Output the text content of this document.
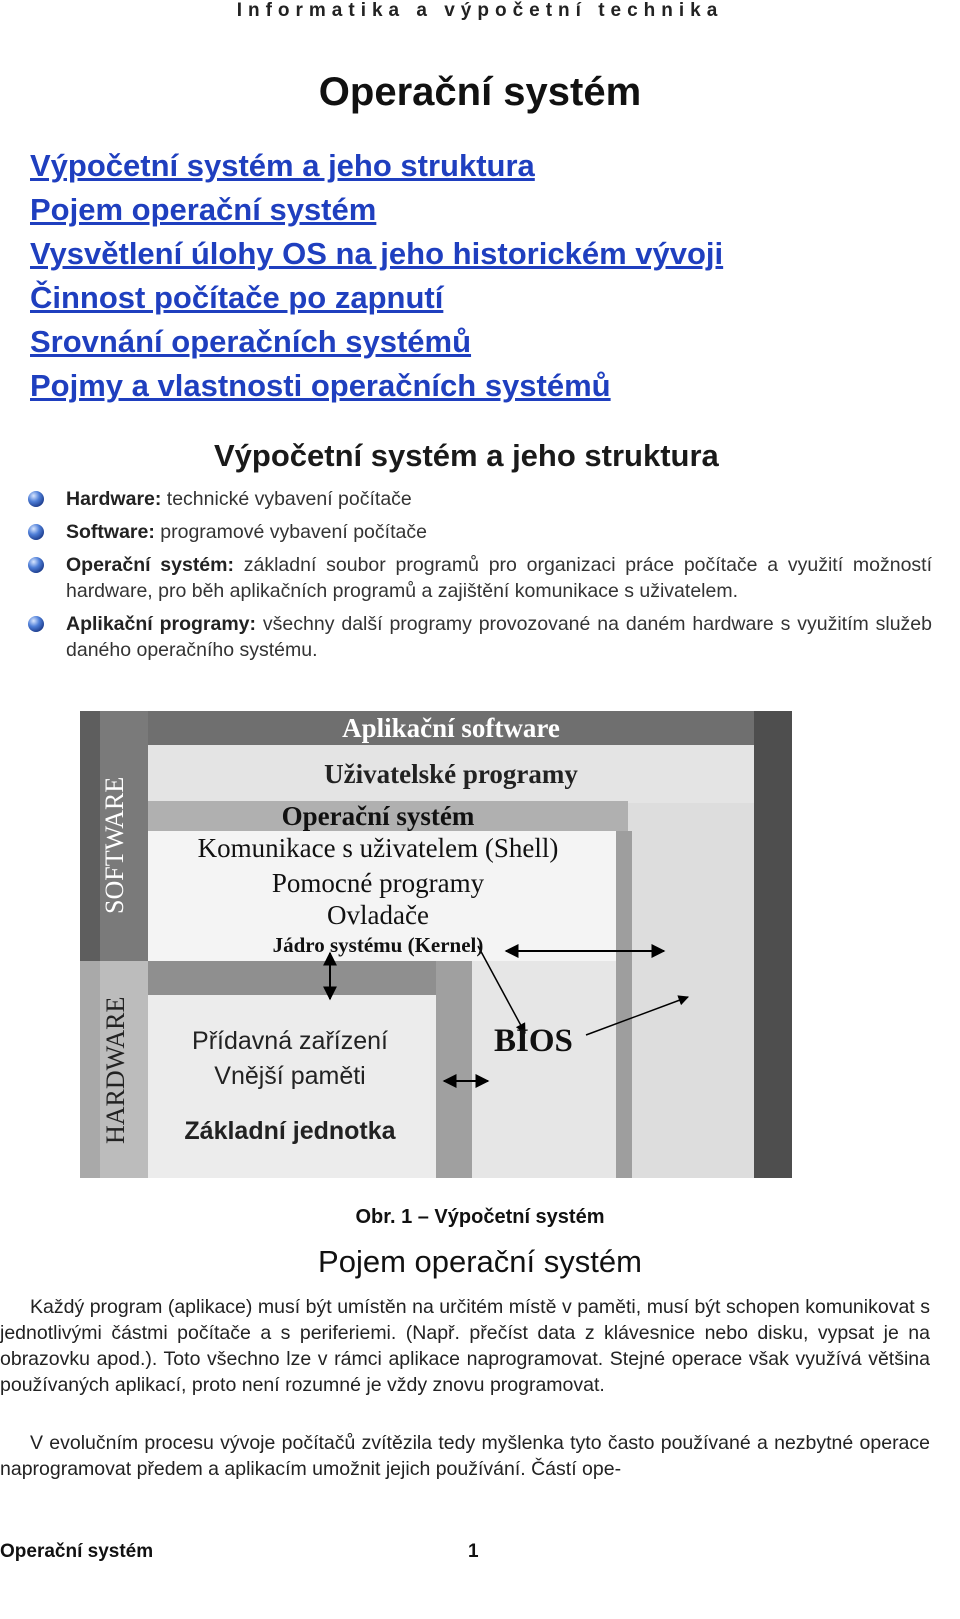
Informatika a výpočetní technika
Operační systém
Výpočetní systém a jeho struktura
Pojem operační systém
Vysvětlení úlohy OS na jeho historickém vývoji
Činnost počítače po zapnutí
Srovnání operačních systémů
Pojmy a vlastnosti operačních systémů
Výpočetní systém a jeho struktura
Hardware: technické vybavení počítače
Software: programové vybavení počítače
Operační systém: základní soubor programů pro organizaci práce počítače a využití možností hardware, pro běh aplikačních programů a zajištění komunikace s uživatelem.
Aplikační programy: všechny další programy provozované na daném hardware s využitím služeb daného operačního systému.
SOFTWARE
HARDWARE
Aplikační software
Uživatelské programy
Operační systém
Komunikace s uživatelem (Shell)
Pomocné programy
Ovladače
Jádro systému (Kernel)
Přídavná zařízení
Vnější paměti
Základní jednotka
BIOS
Obr. 1 – Výpočetní systém
Pojem operační systém

Každý program (aplikace) musí být umístěn na určitém místě v paměti, musí být schopen komunikovat s jednotlivými částmi počítače a s periferiemi. (Např. přečíst data z klávesnice nebo disku, vypsat je na obrazovku apod.). Toto všechno lze v rámci aplikace naprogramovat. Stejné operace však využívá většina používaných aplikací, proto není rozumné je vždy znovu programovat.

V evolučním procesu vývoje počítačů zvítězila tedy myšlenka tyto často používané a nezbytné operace naprogramovat předem a aplikacím umožnit jejich používání. Částí ope-

Operační systém	1
